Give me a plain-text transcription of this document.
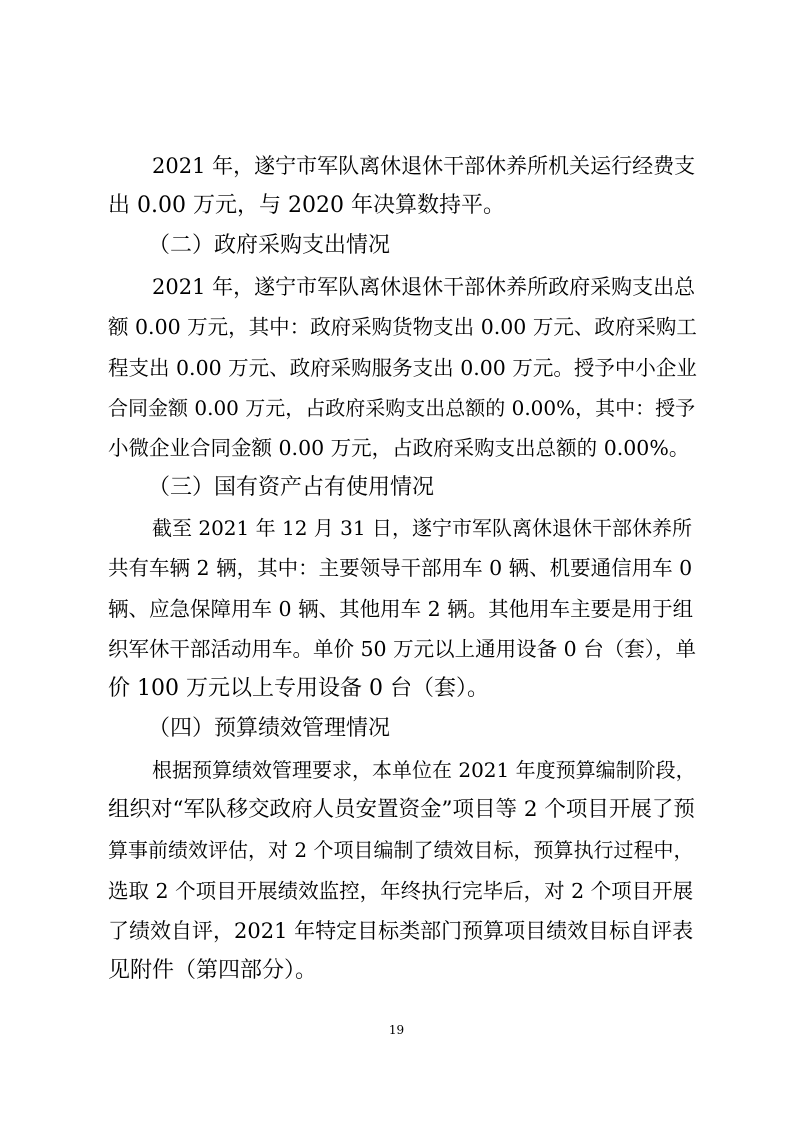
2021 年，遂宁市军队离休退休干部休养所机关运行经费支
出 0.00 万元，与 2020 年决算数持平。
（二）政府采购支出情况
2021 年，遂宁市军队离休退休干部休养所政府采购支出总
额 0.00 万元，其中：政府采购货物支出 0.00 万元、政府采购工
程支出 0.00 万元、政府采购服务支出 0.00 万元。授予中小企业
合同金额 0.00 万元，占政府采购支出总额的 0.00%，其中：授予
小微企业合同金额 0.00 万元，占政府采购支出总额的 0.00%。
（三）国有资产占有使用情况
截至 2021 年 12 月 31 日，遂宁市军队离休退休干部休养所
共有车辆 2 辆，其中：主要领导干部用车 0 辆、机要通信用车 0
辆、应急保障用车 0 辆、其他用车 2 辆。其他用车主要是用于组
织军休干部活动用车。单价 50 万元以上通用设备 0 台（套），单
价 100 万元以上专用设备 0 台（套）。
（四）预算绩效管理情况
根据预算绩效管理要求，本单位在 2021 年度预算编制阶段，
组织对“军队移交政府人员安置资金”项目等 2 个项目开展了预
算事前绩效评估，对 2 个项目编制了绩效目标，预算执行过程中，
选取 2 个项目开展绩效监控，年终执行完毕后，对 2 个项目开展
了绩效自评，2021 年特定目标类部门预算项目绩效目标自评表
见附件（第四部分）。
19
